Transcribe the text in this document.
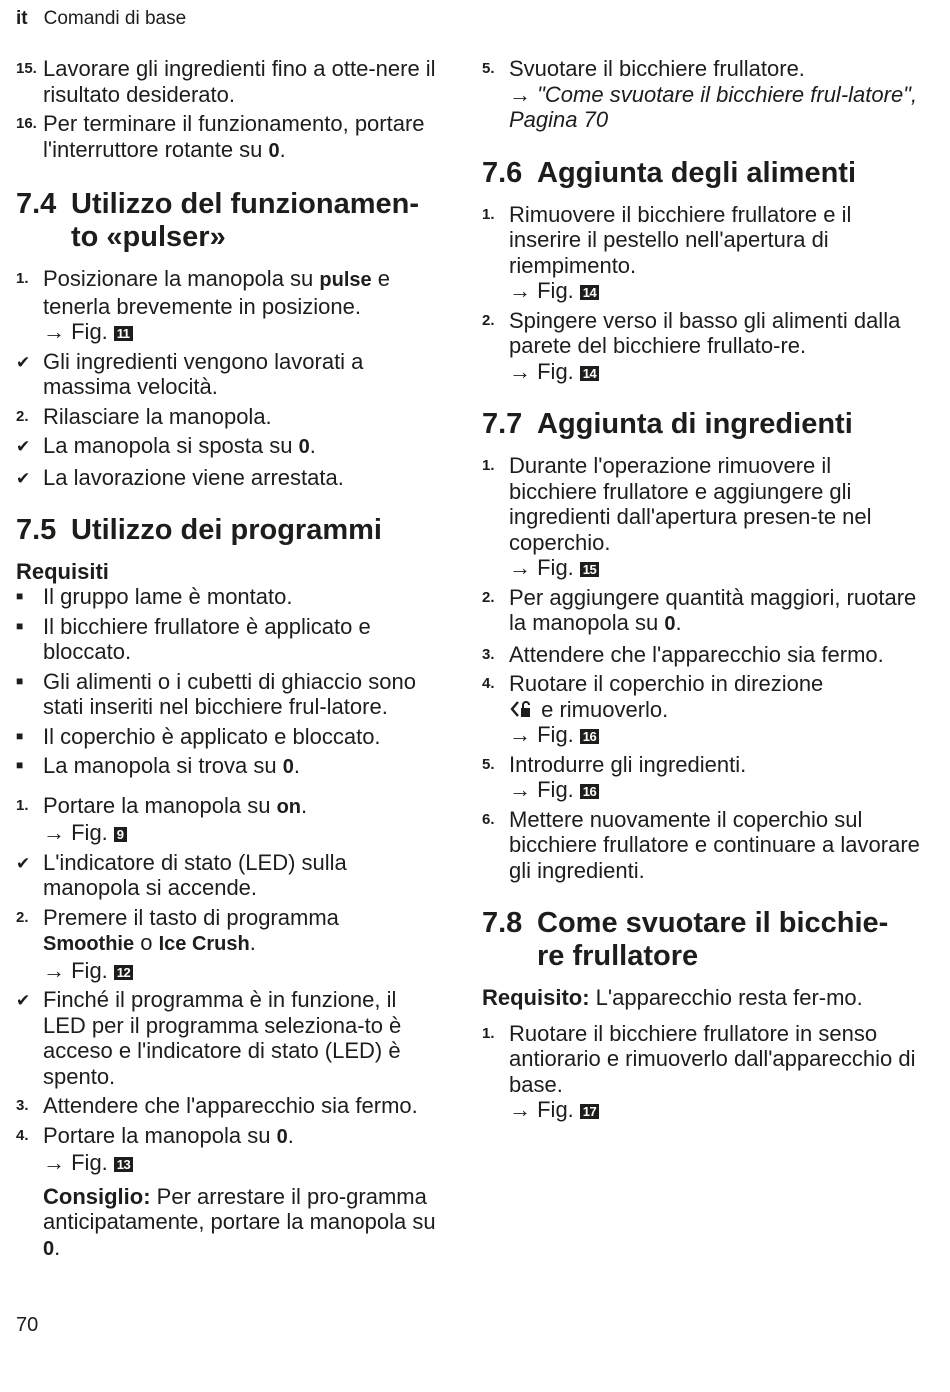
it Comandi di base
15. Lavorare gli ingredienti fino a otte-nere il risultato desiderato.
16. Per terminare il funzionamento, portare l'interruttore rotante su 0.
7.4 Utilizzo del funzionamen-
to «pulser»
1. Posizionare la manopola su pulse e tenerla brevemente in posizione.
→ Fig. 11
✔ Gli ingredienti vengono lavorati a massima velocità.
2. Rilasciare la manopola.
✔ La manopola si sposta su 0.
✔ La lavorazione viene arrestata.
7.5 Utilizzo dei programmi
Requisiti
■ Il gruppo lame è montato.
■ Il bicchiere frullatore è applicato e bloccato.
■ Gli alimenti o i cubetti di ghiaccio sono stati inseriti nel bicchiere frul-latore.
■ Il coperchio è applicato e bloccato.
■ La manopola si trova su 0.
1. Portare la manopola su on.
→ Fig. 9
✔ L'indicatore di stato (LED) sulla manopola si accende.
2. Premere il tasto di programma
Smoothie o Ice Crush.
→ Fig. 12
✔ Finché il programma è in funzione, il LED per il programma seleziona-to è acceso e l'indicatore di stato (LED) è spento.
3. Attendere che l'apparecchio sia fermo.
4. Portare la manopola su 0.
→ Fig. 13
Consiglio: Per arrestare il pro-gramma anticipatamente, portare la manopola su 0.
5. Svuotare il bicchiere frullatore.
→ "Come svuotare il bicchiere frul-latore", Pagina 70
7.6 Aggiunta degli alimenti
1. Rimuovere il bicchiere frullatore e il inserire il pestello nell'apertura di riempimento.
→ Fig. 14
2. Spingere verso il basso gli alimenti dalla parete del bicchiere frullato-re.
→ Fig. 14
7.7 Aggiunta di ingredienti
1. Durante l'operazione rimuovere il bicchiere frullatore e aggiungere gli ingredienti dall'apertura presen-te nel coperchio.
→ Fig. 15
2. Per aggiungere quantità maggiori, ruotare la manopola su 0.
3. Attendere che l'apparecchio sia fermo.
4. Ruotare il coperchio in direzione
e rimuoverlo.
→ Fig. 16
5. Introdurre gli ingredienti.
→ Fig. 16
6. Mettere nuovamente il coperchio sul bicchiere frullatore e continuare a lavorare gli ingredienti.
7.8 Come svuotare il bicchie-
re frullatore
Requisito: L'apparecchio resta fer-mo.
1. Ruotare il bicchiere frullatore in senso antiorario e rimuoverlo dall'apparecchio di base.
→ Fig. 17
70
